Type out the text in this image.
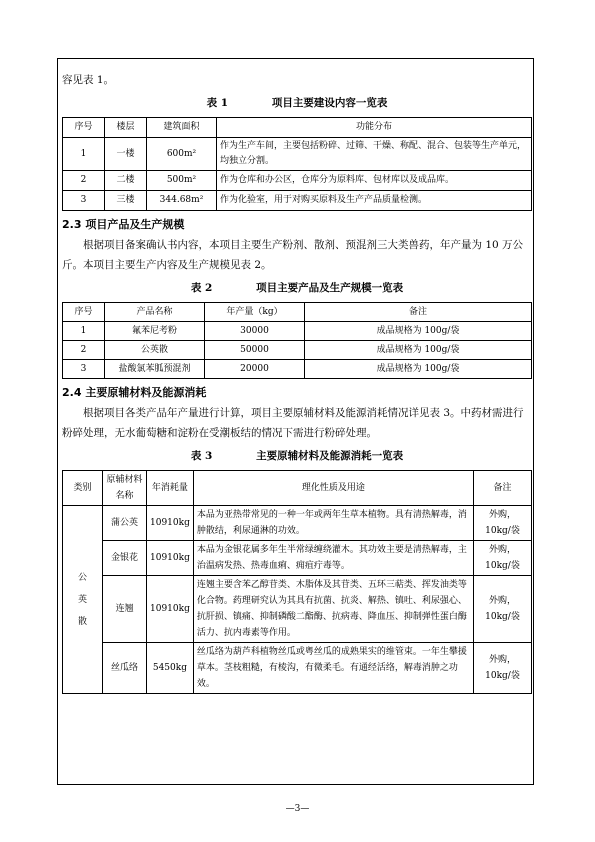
容见表 1。

表 1            项目主要建设内容一览表
序号	楼层	建筑面积	功能分布
1	一楼	600m²	作为生产车间，主要包括粉碎、过筛、干燥、称配、混合、包装等生产单元，均独立分割。
2	二楼	500m²	作为仓库和办公区，仓库分为原料库、包材库以及成品库。
3	三楼	344.68m²	作为化验室，用于对购买原料及生产产品质量检测。
2.3 项目产品及生产规模

根据项目备案确认书内容，本项目主要生产粉剂、散剂、预混剂三大类兽药，年产量为 10 万公斤。本项目主要生产内容及生产规模见表 2。

表 2            项目主要产品及生产规模一览表
序号	产品名称	年产量（kg）	备注
1	氟苯尼考粉	30000	成品规格为 100g/袋
2	公英散	50000	成品规格为 100g/袋
3	盐酸氯苯胍预混剂	20000	成品规格为 100g/袋
2.4 主要原辅材料及能源消耗

根据项目各类产品年产量进行计算，项目主要原辅材料及能源消耗情况详见表 3。中药材需进行粉碎处理，无水葡萄糖和淀粉在受潮板结的情况下需进行粉碎处理。

表 3            主要原辅材料及能源消耗一览表
类别	原辅材料名称	年消耗量	理化性质及用途	备注
公英散	蒲公英	10910kg	本品为亚热带常见的一种一年或两年生草本植物。具有清热解毒，消肿散结，利尿通淋的功效。	外购，10kg/袋
	金银花	10910kg	本品为金银花属多年生半常绿缠绕灌木。其功效主要是清热解毒，主治温病发热、热毒血痢、痈疽疔毒等。	外购，10kg/袋
	连翘	10910kg	连翘主要含苯乙醇苷类、木脂体及其苷类、五环三萜类、挥发油类等化合物。药理研究认为其具有抗菌、抗炎、解热、镇吐、利尿强心、抗肝损、镇痛、抑制磷酸二酯酶、抗病毒、降血压、抑制弹性蛋白酶活力、抗内毒素等作用。	外购，10kg/袋
	丝瓜络	5450kg	丝瓜络为葫芦科植物丝瓜或粤丝瓜的成熟果实的维管束。一年生攀援草本。茎枝粗糙，有棱沟，有微柔毛。有通经活络，解毒消肿之功效。	外购，10kg/袋
—3—
